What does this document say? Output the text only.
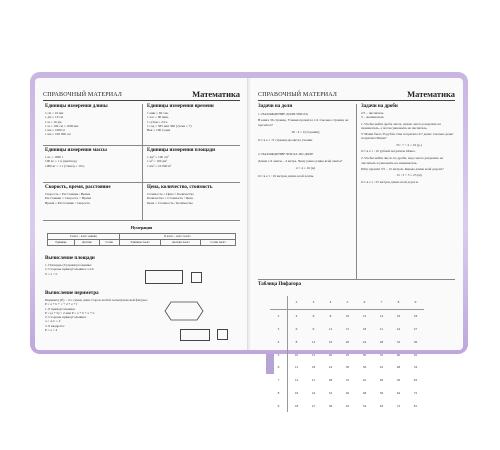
СПРАВОЧНЫЙ МАТЕРИАЛ	Математика
Единицы измерения длины
1 см = 10 мм
1 дм = 10 см
1 м = 10 дм
1 м = 100 см = 1000 мм
1 км = 1000 м
1 км = 100 000 см
Единицы измерения времени
1 мин = 60 сек.
1 час = 60 мин.
1 сутки = 24 ч.
1 год = 365 или 366 (сутки = 7)
Век = 100 годам
Единицы измерения массы
1 кг = 1000 г
100 кг = 1 ц (центнер)
1000 кг = 1 т (тонна) = 10 ц
Единицы измерения площади
1 дм² = 100 см²
1 м² = 100 дм²
1 км² = 10 000 м²
Скорость, время, расстояние
Скорость = Расстояние / Время
Расстояние = Скорость × Время
Время = Расстояние / Скорость
Цена, количество, стоимость
Стоимость = Цена × Количество
Количество = Стоимость / Цена
Цена = Стоимость / Количество
Нумерация
I класс – класс единиц			II класс – класс тысяч		
Единицы	Десятки	Сотни	Единицы тысяч	Десятки тысяч	Сотни тысяч
Вычисление площади
1. Площадь (S) прямоугольника:
2. Стороны прямоугольника: a и b
S = a × b
Вычисление периметра
Периметр (P) – это сумма длин сторон любой геометрической фигуры:
P = a + b + c + d + e + f
1. P прямоугольника:
P = (a + b) × 2 или P = a + b + a + b
2. Стороны прямоугольника:
a = 4, b = 2
3. P квадрата:
P = a × 4
СПРАВОЧНЫЙ МАТЕРИАЛ	Математика
Задачи на доли
1. НАХОЖДЕНИЕ ДОЛИ ЧИСЛА
В книге 36 страниц. Ученик прочитал 1/4. Сколько страниц он прочитал?
36 : 4 = 9 (страниц)
О т в е т : 9 страниц прочитал ученик.
2. НАХОЖДЕНИЕ ЧИСЛА ПО ДОЛЕ
Длина 1/4 ленты – 4 метра. Чему равна длина всей ленты?
4 × 4 = 16 (м)
О т в е т : 16 метров длина всей ленты.
Задачи на дроби
2/5 – числитель
5 – знаменатель
1. Чтобы найти дробь числа, нужно число разделить на знаменатель, а потом умножить на числитель.
У Маши было 35 рубля. Она потратила 2/7 денег. Сколько денег потратила Маша?
35 : 7 × 2 = 10 (р.)
О т в е т : 10 рублей потратила Маша.
2. Чтобы найти число по дроби, надо число разделить на числитель и умножить на знаменатель.
Пётр прошёл 3/5 – 15 метров. Какова длина всей дороги?
15 : 3 × 5 = 25 (м)
О т в е т : 25 метров длина всей дороги.
Таблица Пифагора
	2	3	4	5	6	7	8	9
2	4	6	8	10	12	14	16	18
3	6	9	12	15	18	21	24	27
4	8	12	16	20	24	28	32	36
5	10	15	20	25	30	35	40	45
6	12	18	24	30	36	42	48	54
7	14	21	28	35	42	49	56	63
8	16	24	32	40	48	56	64	72
9	18	27	36	45	54	63	72	81
